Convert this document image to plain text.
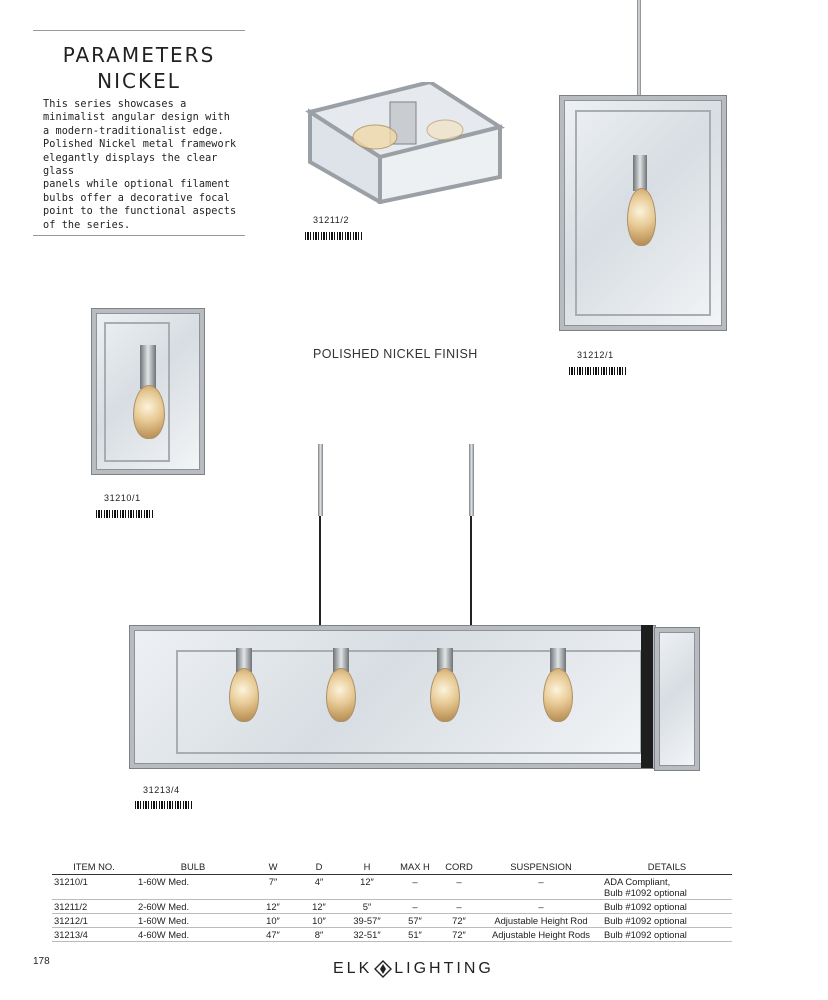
PARAMETERS
NICKEL
This series showcases a
minimalist angular design with
a modern-traditionalist edge.
Polished Nickel metal framework
elegantly displays the clear glass
panels while optional filament
bulbs offer a decorative focal
point to the functional aspects
of the series.	31211/2
31212/1
POLISHED NICKEL FINISH
31210/1
31213/4
ITEM NO.	BULB	W	D	H	MAX H	CORD	SUSPENSION	DETAILS
31210/1	1-60W Med.	7″	4″	12″	–	–	–	ADA Compliant,
Bulb #1092 optional

31211/2	2-60W Med.	12″	12″	5″	–	–	–	Bulb #1092 optional
31212/1	1-60W Med.	10″	10″	39-57″	57″	72″	Adjustable Height Rod	Bulb #1092 optional
31213/4	4-60W Med.	47″	8″	32-51″	51″	72″	Adjustable Height Rods	Bulb #1092 optional
178	ELK LIGHTING
